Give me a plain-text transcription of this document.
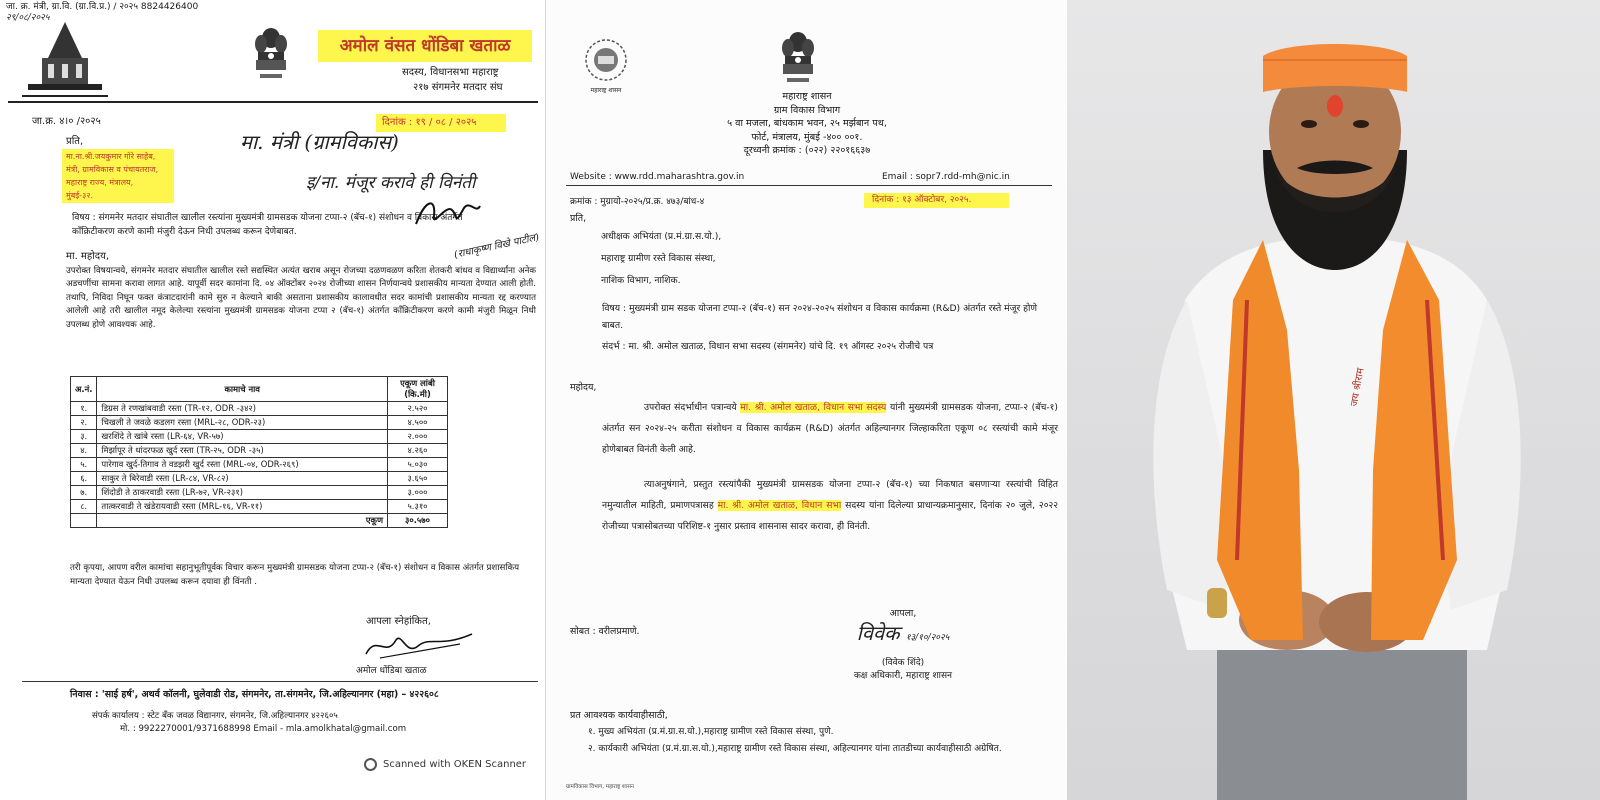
जा. क्र. मंत्री, ग्रा.वि. (ग्रा.वि.प्र.) / २०२५ 8824426400
२९/०८/२०२५
अमोल वंसत धोंडिबा खताळ
सदस्य, विधानसभा महाराष्ट्र
२१७ संगमनेर मतदार संघ
जा.क्र. ४।० /२०२५	दिनांक : १९ / ०८ / २०२५
प्रति,
मा.ना.श्री.जयकुमार गोरे साहेब,
मंत्री, ग्रामविकास व पंचायतराज,
महाराष्ट्र राज्य, मंत्रालय,
मुंबई-३२.
मा. मंत्री (ग्रामविकास)
इ/ना. मंजूर करावे ही विनंती
विषय : संगमनेर मतदार संघातील खालील रस्त्यांना मुख्यमंत्री ग्रामसडक योजना टप्पा-२ (बॅच-१) संशोधन व विकास अंतर्गत काँक्रिटीकरण करणे कामी मंजुरी देऊन निधी उपलब्ध करून देणेबाबत.
(राधाकृष्ण विखे पाटील)
मा. महोदय,
उपरोक्त विषयान्वये, संगमनेर मतदार संघातील खालील रस्ते सद्यस्थित अत्यंत खराब असून रोजच्या दळणवळण करिता शेतकरी बांधव व विद्यार्थ्यांना अनेक अडचणींचा सामना करावा लागत आहे. यापूर्वी सदर कामांना दि. ०४ ऑक्टोंबर २०२४ रोजीच्या शासन निर्णयान्वये प्रशासकीय मान्यता देण्यात आली होती. तथापि, निविदा निघून फक्त कंत्राटदारांनी कामे सुरु न केल्याने बाकी असताना प्रशासकीय कालावधीत सदर कामांची प्रशासकीय मान्यता रद्द करण्यात आलेली आहे तरी खालील नमूद केलेल्या रस्त्यांना मुख्यमंत्री ग्रामसडक योजना टप्पा २ (बॅच-१) अंतर्गत काँक्रिटीकरण करणे कामी मंजुरी मिळून निधी उपलब्ध होणे आवश्यक आहे.
अ.नं.	कामाचे नाव	एकूण लांबी (कि.मी)
१.	डिग्रस ते रणखांबवाडी रस्ता (TR-१२, ODR -३४२)	२.५२०
२.	चिखली ते जवळे कडलग रस्ता (MRL-२८, ODR-२३)	४.५००
३.	खरशिंदे ते खांबे रस्ता (LR-६४, VR-५७)	२.०००
४.	मिर्झापूर ते धांदरफळ खुर्द रस्ता (TR-२५, ODR -३५)	४.२६०
५.	पारेगाव खुर्द-तिगाव ते वडझरी खुर्द रस्ता (MRL-०४, ODR-२६९)	५.०३०
६.	साकुर ते बिरेवाडी रस्ता (LR-८४, VR-८२)	३.६५०
७.	शिंदोडी ते ठाकरवाडी रस्ता (LR-७२, VR-२३१)	३.०००
८.	तात्करवाडी ते खंडेरायवाडी रस्ता (MRL-१६, VR-११)	५.३१०
	एकूण	३०.५७०
तरी कृपया, आपण वरील कामांचा सहानुभूतीपूर्वक विचार करून मुख्यमंत्री ग्रामसडक योजना टप्पा-२ (बॅच-१) संशोधन व विकास अंतर्गत प्रशासकिय मान्यता देण्यात येऊन निधी उपलब्ध करून दयावा ही विंनती .
आपला स्नेहांकित,
अमोल धोंडिबा खताळ
निवास : 'साई हर्ष', अथर्व कॉलनी, घुलेवाडी रोड, संगमनेर, ता.संगमनेर, जि.अहिल्यानगर (महा) – ४२२६०८
संपर्क कार्यालय : स्टेट बँक जवळ विद्यानगर, संगमनेर, जि.अहिल्यानगर ४२२६०५
मो. : 9922270001/9371688998 Email - mla.amolkhatal@gmail.com
Scanned with OKEN Scanner
महाराष्ट्र शासन
महाराष्ट्र शासन
ग्राम विकास विभाग
५ वा मजला, बांधकाम भवन, २५ मर्झबान पथ,
फोर्ट, मंत्रालय, मुंबई -४०० ००१.
दूरध्वनी क्रमांक : (०२२) २२०१६६३७
Website : www.rdd.maharashtra.gov.in	Email : sopr7.rdd-mh@nic.in
क्रमांक : मुग्रायो-२०२५/प्र.क्र. ४७३/बांध-४	दिनांक : १३ ऑक्टोबर, २०२५.
प्रति,
अधीक्षक अभियंता (प्र.मं.ग्रा.स.यो.),
महाराष्ट्र ग्रामीण रस्ते विकास संस्था,
नाशिक विभाग, नाशिक.
विषय : मुख्यमंत्री ग्राम सडक योजना टप्पा-२ (बॅच-१) सन २०२४-२०२५ संशोधन व विकास कार्यक्रमा (R&D) अंतर्गत रस्ते मंजूर होणे बाबत.
संदर्भ : मा. श्री. अमोल खताळ, विधान सभा सदस्य (संगमनेर) यांचे दि. १९ ऑगस्ट २०२५ रोजीचे पत्र
महोदय,
उपरोक्त संदर्भाधीन पत्रान्वये मा. श्री. अमोल खताळ, विधान सभा सदस्य यांनी मुख्यमंत्री ग्रामसडक योजना, टप्पा-२ (बॅच-१) अंतर्गत सन २०२४-२५ करीता संशोधन व विकास कार्यक्रम (R&D) अंतर्गत अहिल्यानगर जिल्हाकरिता एकूण ०८ रस्त्यांची कामे मंजूर होणेबाबत विनंती केली आहे.
त्याअनुषंगाने, प्रस्तुत रस्त्यांपैकी मुख्यमंत्री ग्रामसडक योजना टप्पा-२ (बॅच-१) च्या निकषात बसणाऱ्या रस्त्यांची विहित नमुन्यातील माहिती, प्रमाणपत्रासह मा. श्री. अमोल खताळ, विधान सभा सदस्य यांना दिलेल्या प्राधान्यक्रमानुसार, दिनांक २० जुले, २०२२ रोजीच्या पत्रासोबतच्या परिशिष्ट-१ नुसार प्रस्ताव शासनास सादर करावा, ही विनंती.
सोबत : वरीलप्रमाणे.
आपला,
विवेक १३/१०/२०२५
(विवेक शिंदे)
कक्ष अधिकारी, महाराष्ट्र शासन
प्रत आवश्यक कार्यवाहीसाठी,
१. मुख्य अभियंता (प्र.मं.ग्रा.स.यो.),महाराष्ट्र ग्रामीण रस्ते विकास संस्था, पुणे.
२. कार्यकारी अभियंता (प्र.मं.ग्रा.स.यो.),महाराष्ट्र ग्रामीण रस्ते विकास संस्था, अहिल्यानगर यांना तातडीच्या कार्यवाहीसाठी अग्रेषित.
ग्रामविकास विभाग, महाराष्ट्र शासन
जय श्रीराम
